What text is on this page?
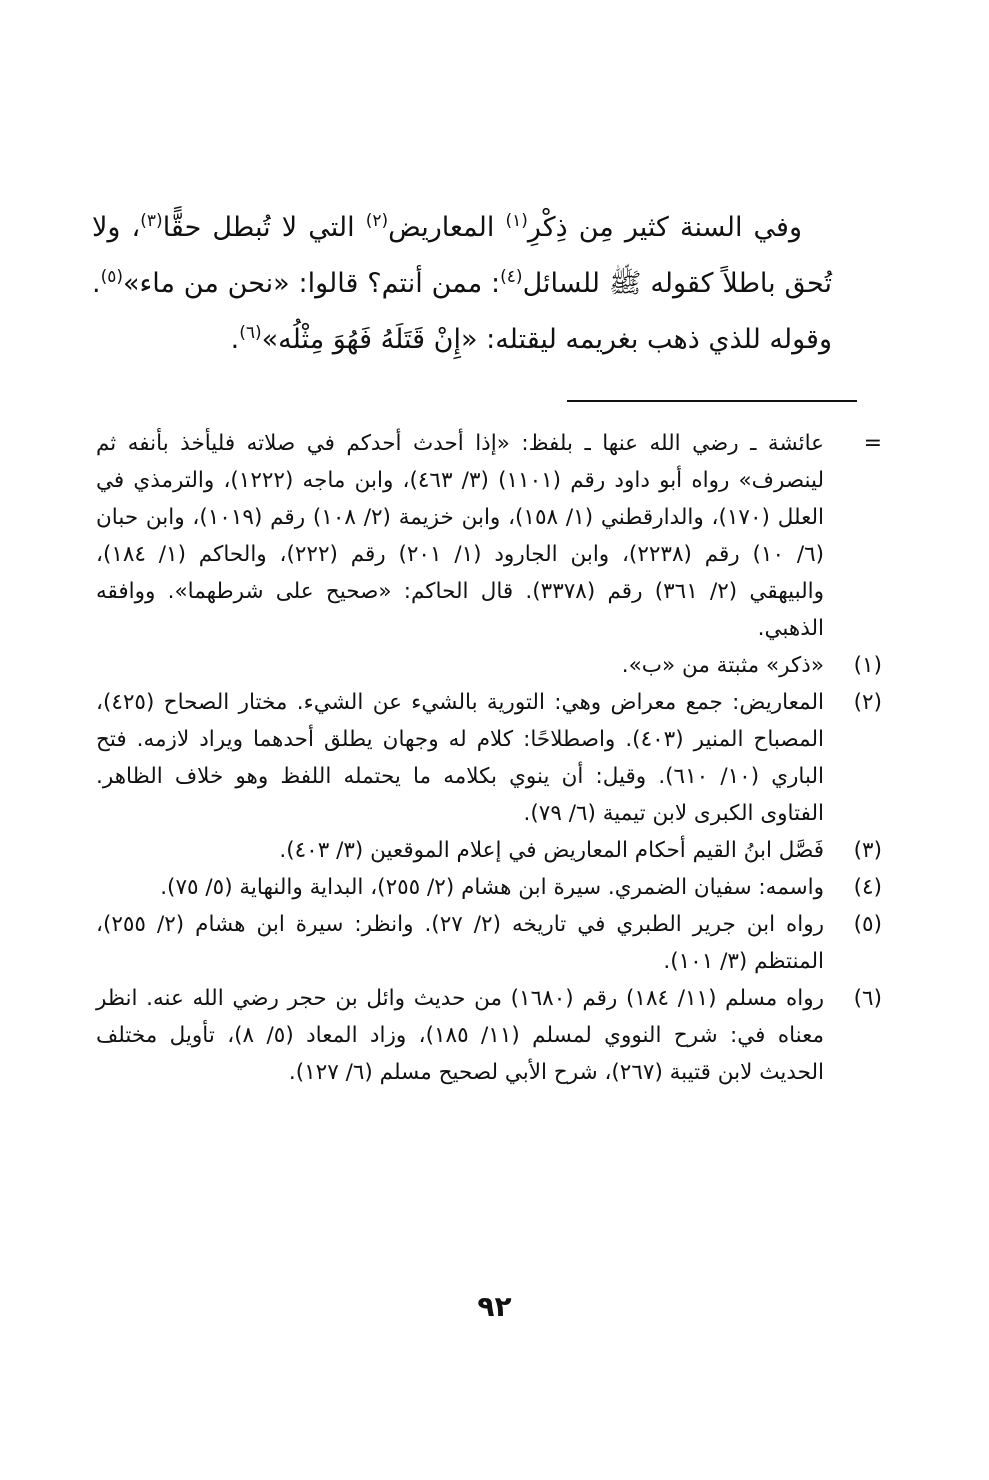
وفي السنة كثير مِن ذِكْرِ$^{(١)}$ المعاريض$^{(٢)}$ التي لا تُبطل حقًّا$^{(٣)}$، ولا تُحق باطلاً كقوله ﷺ للسائل$^{(٤)}$: ممن أنتم؟ قالوا: «نحن من ماء»$^{(٥)}$. وقوله للذي ذهب بغريمه ليقتله: «إِنْ قَتَلَهُ فَهُوَ مِثْلُه»$^{(٦)}$.

=
عائشة ـ رضي الله عنها ـ بلفظ: «إذا أحدث أحدكم في صلاته فليأخذ بأنفه ثم لينصرف» رواه أبو داود رقم (١١٠١) (٣/ ٤٦٣)، وابن ماجه (١٢٢٢)، والترمذي في العلل (١٧٠)، والدارقطني (١/ ١٥٨)، وابن خزيمة (٢/ ١٠٨) رقم (١٠١٩)، وابن حبان (٦/ ١٠) رقم (٢٢٣٨)، وابن الجارود (١/ ٢٠١) رقم (٢٢٢)، والحاكم (١/ ١٨٤)، والبيهقي (٢/ ٣٦١) رقم (٣٣٧٨). قال الحاكم: «صحيح على شرطهما». ووافقه الذهبي.
(١)
«ذكر» مثبتة من «ب».
(٢)
المعاريض: جمع معراض وهي: التورية بالشيء عن الشيء. مختار الصحاح (٤٢٥)، المصباح المنير (٤٠٣). واصطلاحًا: كلام له وجهان يطلق أحدهما ويراد لازمه. فتح الباري (١٠/ ٦١٠). وقيل: أن ينوي بكلامه ما يحتمله اللفظ وهو خلاف الظاهر. الفتاوى الكبرى لابن تيمية (٦/ ٧٩).
(٣)
فَصَّل ابنُ القيم أحكام المعاريض في إعلام الموقعين (٣/ ٤٠٣).
(٤)
واسمه: سفيان الضمري. سيرة ابن هشام (٢/ ٢٥٥)، البداية والنهاية (٥/ ٧٥).
(٥)
رواه ابن جرير الطبري في تاريخه (٢/ ٢٧). وانظر: سيرة ابن هشام (٢/ ٢٥٥)، المنتظم (٣/ ١٠١).
(٦)
رواه مسلم (١١/ ١٨٤) رقم (١٦٨٠) من حديث وائل بن حجر رضي الله عنه. انظر معناه في: شرح النووي لمسلم (١١/ ١٨٥)، وزاد المعاد (٥/ ٨)، تأويل مختلف الحديث لابن قتيبة (٢٦٧)، شرح الأبي لصحيح مسلم (٦/ ١٢٧).
٩٢
